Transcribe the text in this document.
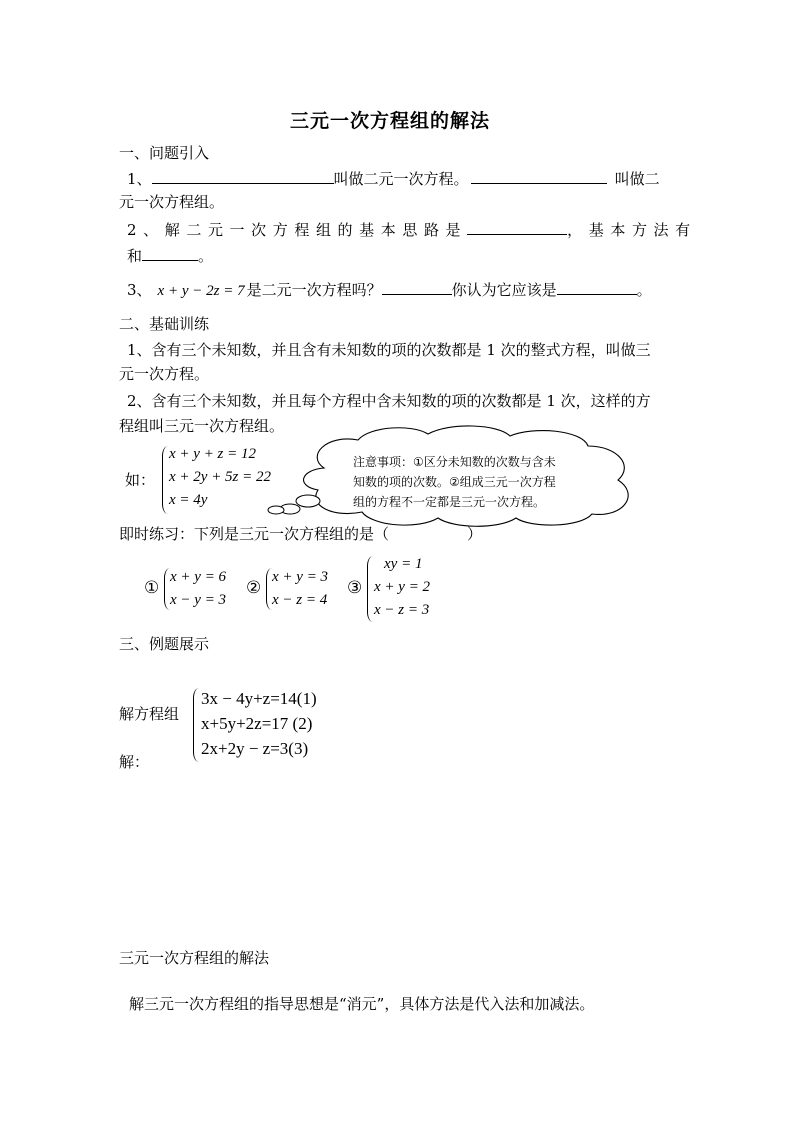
三元一次方程组的解法
一、问题引入
1、	叫做二元一次方程。	叫做二
元一次方程组。
2、解二元一次方程组的基本思路是	，基本方法有
和	。
3、 x + y − 2z = 7 是二元一次方程吗？	你认为它应该是	。
二、基础训练
1、含有三个未知数，并且含有未知数的项的次数都是 1 次的整式方程，叫做三
元一次方程。
2、含有三个未知数，并且每个方程中含未知数的项的次数都是 1 次，这样的方
程组叫三元一次方程组。
如：
x + y + z = 12
x + 2y + 5z = 22
x = 4y
注意事项：①区分未知数的次数与含未
知数的项的次数。②组成三元一次方程
组的方程不一定都是三元一次方程。
即时练习：下列是三元一次方程组的是（	）
①
x + y = 6
x − y = 3
②
x + y = 3
x − z = 4
③
xy = 1
x + y = 2
x − z = 3
三、例题展示
解方程组
3x − 4y+z=14(1)
x+5y+2z=17 (2)
2x+2y − z=3(3)
解：
三元一次方程组的解法
解三元一次方程组的指导思想是“消元”，具体方法是代入法和加减法。
